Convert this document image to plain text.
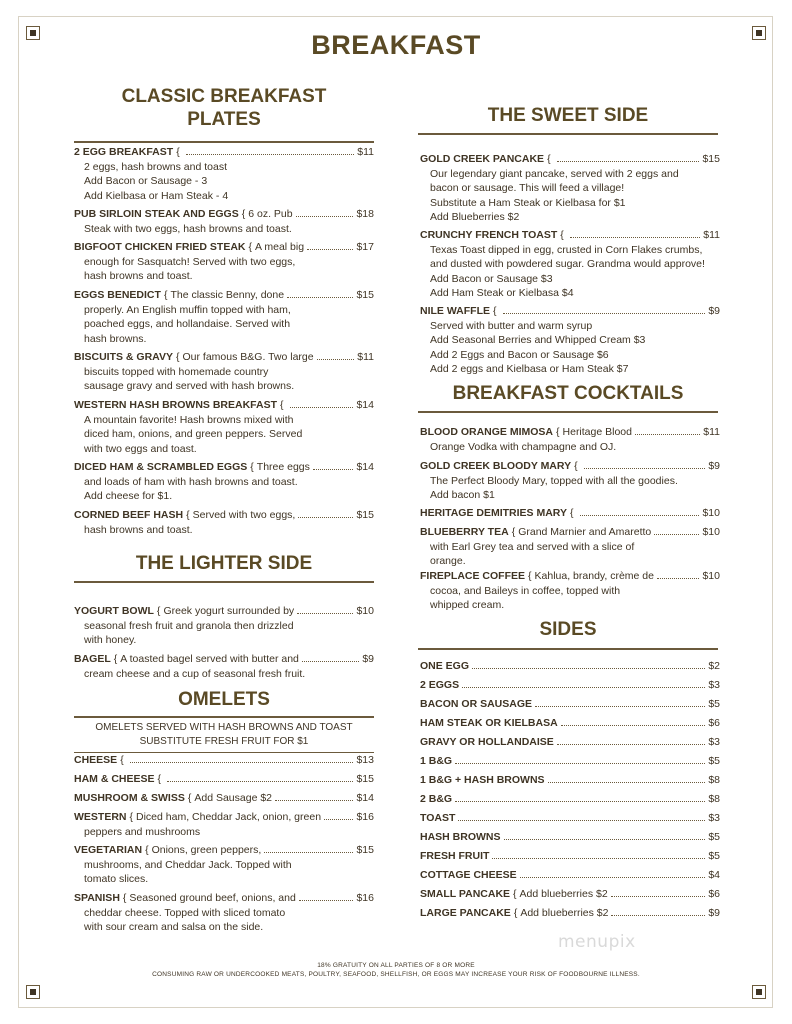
BREAKFAST
CLASSIC BREAKFAST
PLATES
2 EGG BREAKFAST {	$11
2 eggs, hash browns and toast
Add Bacon or Sausage - 3
Add Kielbasa or Ham Steak - 4
PUB SIRLOIN STEAK AND EGGS { 6 oz. Pub	$18
Steak with two eggs, hash browns and toast.
BIGFOOT CHICKEN FRIED STEAK { A meal big	$17
enough for Sasquatch! Served with two eggs,
hash browns and toast.
EGGS BENEDICT { The classic Benny, done	$15
properly. An English muffin topped with ham,
poached eggs, and hollandaise. Served with
hash browns.
BISCUITS & GRAVY { Our famous B&G. Two large	$11
biscuits topped with homemade country
sausage gravy and served with hash browns.
WESTERN HASH BROWNS BREAKFAST {	$14
A mountain favorite! Hash browns mixed with
diced ham, onions, and green peppers. Served
with two eggs and toast.
DICED HAM & SCRAMBLED EGGS { Three eggs	$14
and loads of ham with hash browns and toast.
Add cheese for $1.
CORNED BEEF HASH { Served with two eggs,	$15
hash browns and toast.
THE LIGHTER SIDE
YOGURT BOWL { Greek yogurt surrounded by	$10
seasonal fresh fruit and granola then drizzled
with honey.
BAGEL { A toasted bagel served with butter and	$9
cream cheese and a cup of seasonal fresh fruit.
OMELETS
OMELETS SERVED WITH HASH BROWNS AND TOAST
SUBSTITUTE FRESH FRUIT FOR $1
CHEESE {	$13
HAM & CHEESE {	$15
MUSHROOM & SWISS { Add Sausage $2	$14
WESTERN { Diced ham, Cheddar Jack, onion, green	$16
peppers and mushrooms
VEGETARIAN { Onions, green peppers,	$15
mushrooms, and Cheddar Jack. Topped with
tomato slices.
SPANISH { Seasoned ground beef, onions, and	$16
cheddar cheese. Topped with sliced tomato
with sour cream and salsa on the side.
THE SWEET SIDE
GOLD CREEK PANCAKE {	$15
Our legendary giant pancake, served with 2 eggs and
bacon or sausage. This will feed a village!
Substitute a Ham Steak or Kielbasa for $1
Add Blueberries $2
CRUNCHY FRENCH TOAST {	$11
Texas Toast dipped in egg, crusted in Corn Flakes crumbs,
and dusted with powdered sugar. Grandma would approve!
Add Bacon or Sausage $3
Add Ham Steak or Kielbasa $4
NILE WAFFLE {	$9
Served with butter and warm syrup
Add Seasonal Berries and Whipped Cream $3
Add 2 Eggs and Bacon or Sausage $6
Add 2 eggs and Kielbasa or Ham Steak $7
BREAKFAST COCKTAILS
BLOOD ORANGE MIMOSA { Heritage Blood	$11
Orange Vodka with champagne and OJ.
GOLD CREEK BLOODY MARY {	$9
The Perfect Bloody Mary, topped with all the goodies.
Add bacon $1
HERITAGE DEMITRIES MARY {	$10
BLUEBERRY TEA { Grand Marnier and Amaretto	$10
with Earl Grey tea and served with a slice of
orange.
FIREPLACE COFFEE { Kahlua, brandy, crème de	$10
cocoa, and Baileys in coffee, topped with
whipped cream.
SIDES
ONE EGG	$2
2 EGGS	$3
BACON OR SAUSAGE	$5
HAM STEAK OR KIELBASA	$6
GRAVY OR HOLLANDAISE	$3
1 B&G	$5
1 B&G + HASH BROWNS	$8
2 B&G	$8
TOAST	$3
HASH BROWNS	$5
FRESH FRUIT	$5
COTTAGE CHEESE	$4
SMALL PANCAKE { Add blueberries $2	$6
LARGE PANCAKE { Add blueberries $2	$9
menupix
18% GRATUITY ON ALL PARTIES OF 8 OR MORE
CONSUMING RAW OR UNDERCOOKED MEATS, POULTRY, SEAFOOD, SHELLFISH, OR EGGS MAY INCREASE YOUR RISK OF FOODBOURNE ILLNESS.
